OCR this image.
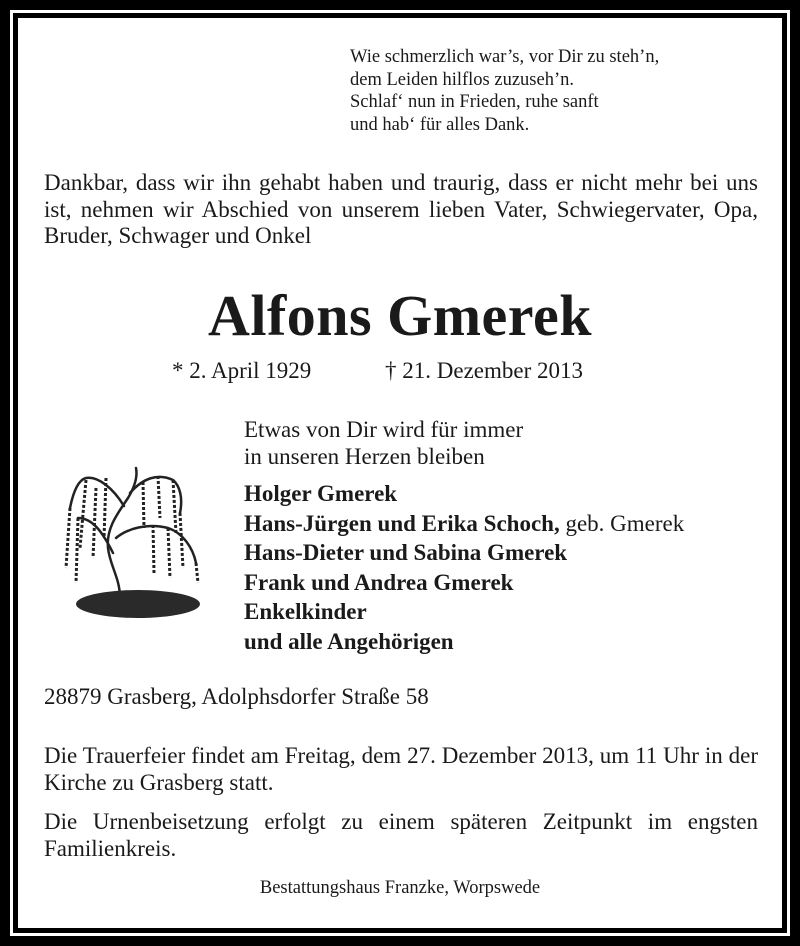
Wie schmerzlich war’s, vor Dir zu steh’n,
dem Leiden hilflos zuzuseh’n.
Schlaf‘ nun in Frieden, ruhe sanft
und hab‘ für alles Dank.
Dankbar, dass wir ihn gehabt haben und traurig, dass er nicht mehr bei uns ist, nehmen wir Abschied von unserem lieben Vater, Schwiegervater, Opa, Bruder, Schwager und Onkel
Alfons Gmerek
* 2. April 1929	† 21. Dezember 2013
Etwas von Dir wird für immer
in unseren Herzen bleiben
Holger Gmerek
Hans-Jürgen und Erika Schoch, geb. Gmerek
Hans-Dieter und Sabina Gmerek
Frank und Andrea Gmerek
Enkelkinder
und alle Angehörigen
28879 Grasberg, Adolphsdorfer Straße 58
Die Trauerfeier findet am Freitag, dem 27. Dezember 2013, um 11 Uhr in der Kirche zu Grasberg statt.
Die Urnenbeisetzung erfolgt zu einem späteren Zeitpunkt im engsten Familienkreis.
Bestattungshaus Franzke, Worpswede
